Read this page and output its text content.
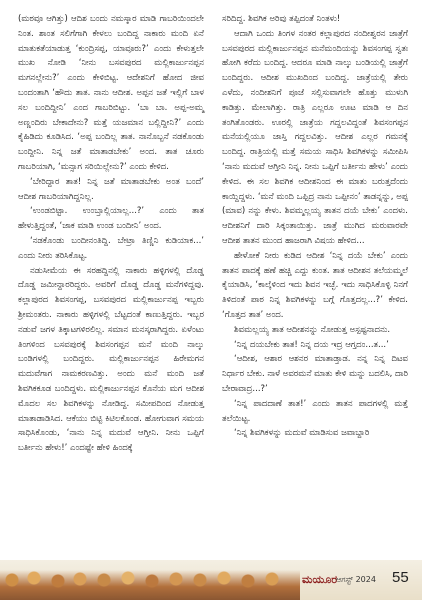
(ಮಠವೂ ಆಗಿತ್ತು) ಆದಿಶ ಬಂದು ನಮಸ್ಕಾರ ಮಾಡಿ ಗಾಬರಿಯಿಂದಲೇ ನಿಂತ. ಶಾಂತ ಸಲಿಗೆಗಾಗಿ ಕೇಳಲು ಬಂದಿದ್ದ ನಾಕಾರು ಮಂದಿ ಏನೆ ಮಾತುಕತೆಯಾಡುತ್ತ ‘ಕುಂದ್ರಿಸಪ್ಪ, ಯಾವೂರು?’ ಎಂದು ಕೇಳುತ್ತಲೇ ಮುಖ ನೋಡಿ ‘ನೀನು ಬಸವಪುರದ ಮಲ್ಲಿಕಾರ್ಜುನಪ್ಪನ ಮಗನಲ್ಲೇನು?’ ಎಂದು ಕೇಳಿಬಿಟ್ಟ. ಆದೇಶನಿಗೆ ಹೋದ ಜೀವ ಬಂದಂತಾಗಿ ‘ಹೌದು ತಾತ. ನಾನು ಆದೀಶ. ಅಪ್ಪನ ಜತೆ ಇಲ್ಲಿಗೆ ಬಾಳ ಸಲ ಬಂದಿದ್ದೀನಿ’ ಎಂದ ಗಾಬರಿಬಿಟ್ಟು. ‘ಬಾ ಬಾ. ಅಪ್ಪ-ಅಮ್ಮ ಅಣ್ಣಂದಿರು ಬೇಕಾದೇನು? ಮತ್ತೆ ಯಜಮಾನ ಬಲ್ಲಿದ್ದೀನಿ?’ ಎಂದು ಕೈಹಿಡಿದು ಕೂಡಿಸಿದ. ‘ಅಪ್ಪ ಬಂದಿಲ್ಲ ತಾತ. ನಾನೊಬ್ಬನೆ ನಡಕೊಂಡು ಬಂದ್ದೀನಿ. ನಿನ್ನ ಜತೆ ಮಾತಾಡಬೇಕು’ ಅಂದ. ತಾತ ಚೂರು ಗಾಬರಿಯಾಗಿ, ‘ಮನ್ಸಾಗ ಸರಿಯಿಲ್ಲೇನು?’ ಎಂದು ಕೇಳಿದ.

‘ಬೇರಿದ್ದಾರ ತಾತ! ನಿನ್ನ ಜತೆ ಮಾತಾಡಬೇಕು ಅಂತ ಬಂದೆ’ ಆದೀಶ ಗಾಬರಿಯಾಗಿದ್ದನಿಲ್ಲ.

‘ಉಂಡಬಿಟ್ಟಾ. ಉಂಬ್ತಾಲ್ಲಿಯಾಲ್ಲ...?’ ಎಂದು ತಾತ ಹೇಳುತ್ತಿದ್ದಂತೆ, ‘ಜಾಕ ಮಾಡಿ ಉಂಡ ಬಂದೀನಿ’ ಅಂದ.

‘ನಡಕೊಂಡು ಬಂದೀನಂತಿದ್ದಿ. ಬೇಟ್ರಾ ತಿಣ್ಣಿನಿ ಕುಡಿಯಾಕ...’ ಎಂದು ನೀರು ತರಿಸಿಕೊಟ್ಟ.

ನಡುಸೀಮೆಯ ಈ ಸರಹದ್ದಿನಲ್ಲಿ ನಾಕಾರು ಹಳ್ಳಿಗಳಲ್ಲಿ ದೊಡ್ಡ ದೊಡ್ಡ ಜಮೀನ್ದಾರರಿದ್ದರು. ಅವರಿಗೆ ದೊಡ್ಡ ದೊಡ್ಡ ಮನೆಗಳಿದ್ದವು. ಕಲ್ಲಾಪುರದ ಶಿವಸಂಗಪ್ಪ, ಬಸವಪುರದ ಮಲ್ಲಿಕಾರ್ಜುನಪ್ಪ ಇಬ್ಬರು ಶ್ರೀಮಂತರು. ನಾಕಾರು ಹಳ್ಳಿಗಳಲ್ಲಿ ಬೆಟ್ಟದಂತೆ ಕಾಣುತ್ತಿದ್ದರು. ಇಬ್ಬರ ನಡುವೆ ಜಗಳ ತಿಕ್ಕಾಟಗಳಿರಲಿಲ್ಲ. ಸಮಾನ ಮನಸ್ಕರಾಗಿದ್ದರು. ಏಳೆಂಟು ತಿಂಗಳಿಂದ ಬಸವಪುರಕ್ಕೆ ಶಿವಸಂಗಪ್ಪನ ಮನೆ ಮಂದಿ ನಾಲ್ಕು ಬಂಡಿಗಳಲ್ಲಿ ಬಂದಿದ್ದರು. ಮಲ್ಲಿಕಾರ್ಜುನಪ್ಪನ ಹಿರೇಮಗನ ಮದುವೆಗಾಗ ನಾಮಕರಣವಿತ್ತು. ಅಂದು ಮನೆ ಮಂದಿ ಜತೆ ಶಿವಗಿಕಕೂಡ ಬಂದಿದ್ದಳು. ಮಲ್ಲಿಕಾರ್ಜುನಪ್ಪನ ಕೊನೆಯ ಮಗ ಆದೀಶ ಮೊದಲ ಸಲ ಶಿವಗಿಕಳನ್ನು ನೋಡಿದ್ದ. ಸಮೀಪದಿಂದ ನೋಡುತ್ತ ಮಾತಾಡಾಡಿಸಿದ. ಆಕೆಯು ಬಿಟ್ಟಿ ಕಿಟಿಲಕೊಂಡ. ಹೋಗುವಾಗ ಸಮಯ ಸಾಧಿಸಿಕೊಂಡು, ‘ನಾನು ನಿನ್ನ ಮದುವೆ ಆಗ್ತೀನಿ. ನೀನು ಒಪ್ಪಿಗೆ ಬರ್ತೀನು ಹೇಳು!’ ಎಂದಷ್ಟೇ ಹೇಳಿ ಹಿಂದಕ್ಕೆ

ಸರಿದಿದ್ದ. ಶಿವಗಿಕ ಅರಿವು ತಪ್ಪಿದಂತೆ ನಿಂತಳು!

ಆದಾಗಿ ಒಂದು ತಿಂಗಳ ನಂತರ ಕಲ್ಲಾಪುರದ ನಂದೀಶ್ವರನ ಜಾತ್ರೆಗೆ ಬಸವಪುರದ ಮಲ್ಲಿಕಾರ್ಜುನಪ್ಪನ ಮನೆಮಂದಿಯನ್ನು ಶಿವಸಂಗಪ್ಪ ಸ್ವತಃ ಹೋಗಿ ಕರೆದು ಬಂದಿದ್ದ. ಆದರೂ ಮಾಡಿ ನಾಲ್ಕು ಬಂಡಿಯಲ್ಲಿ ಜಾತ್ರೆಗೆ ಬಂದಿದ್ದರು. ಆದೀಶ ಮುಖದಿಂದ ಬಂದಿದ್ದ. ಜಾತ್ರೆಯಲ್ಲಿ ತೇರು ಎಳೆದು, ನಂದೀಶನಿಗೆ ಪೂಜೆ ಸಲ್ಲಿಸುವಾಗಲೇ ಹೊತ್ತು ಮುಳುಗಿ ಕಾಡಿತ್ತು. ಮೇಲಾಗಿತ್ತು. ರಾತ್ರಿ ಎಲ್ಲರೂ ಊಟ ಮಾಡಿ ಆ ದಿನ ತಂಗಿತೊಂಡರು. ಊರಲ್ಲಿ ಜಾತ್ರೆಯ ಗದ್ದಲವಿದ್ದಂತೆ ಶಿವಸಂಗಪ್ಪನ ಮನೆಯಲ್ಲಿಯೂ ಜಾಸ್ತಿ ಗದ್ದಲವಿತ್ತು. ಆದೀಶ ಎಲ್ಲರ ಗಮನಕ್ಕೆ ಬಂದಿದ್ದ. ರಾತ್ರಿಯಲ್ಲಿ ಮತ್ತೆ ಸಮಯ ಸಾಧಿಸಿ ಶಿವಗಿಕಳನ್ನು ಸಮೀಪಿಸಿ ‘ನಾನು ಮದುವೆ ಆಗ್ತೀನಿ ನಿನ್ನ. ನೀನು ಒಪ್ಪಿಗೆ ಬರ್ತೀನು ಹೇಳು’ ಎಂದು ಕೇಳಿದ. ಈ ಸಲ ಶಿವಗಿಕ ಆದೀಶನಿಂದ ಈ ಮಾತು ಬರುತ್ತದೆಂದು ಕಾಯ್ದಿದ್ದಳು. ‘ಮನೆ ಮಂದಿ ಒಪ್ಪಿದ್ರ ನಾನು ಒಪ್ಪೀನಂ’ ತಾಡನ್ನನ್ನು, ಅಪ್ಪ (ಮಾವ) ನನ್ನು ಕೇಳು. ಶಿವಮ್ಮಲ್ಲಯ್ಯ ತಾತನ ದಯೆ ಬೇಕು’ ಎಂದಳು. ಆದೀಶನಿಗೆ ದಾರಿ ಸಿಕ್ಕಂತಾಯಿತ್ತು. ಜಾತ್ರೆ ಮುಗಿದ ಮರುವಾರವೇ ಆದೀಶ ತಾತನ ಮುಂದ ಹಾಜರಾಗಿ ವಿಷಯ ಹೇಳಿದ...

ಹೇಳೋಕೆ ನೀರು ಕುಡಿದ ಆದೀಶ ‘ನಿನ್ನ ದಯೆ ಬೇಕು’ ಎಂದು ತಾತನ ಪಾದಕ್ಕೆ ಹಣೆ ಹಚ್ಚಿ ಎದ್ದು ಕುಂತ. ತಾತ ಆದೀಶನ ತಲೆಯಮ್ಮಲೆ ಕೈಯಾಡಿಸಿ, ‘ಕಾಲ್ಕೆಳಿಂದ ಇದು ಶಿವನ ಇಚ್ಛೆ. ಇದು ಸಾಧಿಸಿಕೊಳ್ಳಿ ನಿನಗೆ ತಿಳಿದಂತೆ ಪಾಠ ನಿನ್ನ ಶಿವಗಿಕಳನ್ನು ಬಗ್ಗೆ ಗೊತ್ತದಲ್ಲ...?’ ಕೇಳಿದ. ‘ಗೊತ್ತದ ತಾತ’ ಅಂದ.

ಶಿವಮಲ್ಲಯ್ಯ ತಾತ ಆದೀಶನನ್ನು ನೋಡುತ್ತ ಅಸ್ಪಷ್ಟನಾದನು.

‘ನಿನ್ನ ದಯಬೇಕು ತಾತ! ನಿನ್ನ ದಯ ಇದ್ರ ಆಗ್ತದಂ...ತ...’

‘ಆದೀಶ, ಆಶಾರ ಆಶನರ ಮಾತಾಡ್ತಾಡ. ನನ್ನ ನಿನ್ನ ದಿಟವ ನಿರ್ಧಾರ ಬೇಕು. ನಾಳೆ ಅವರಮನೆ ಮಾತು ಕೇಳಿ ಮನ್ನು ಬದಲಿಸಿ, ದಾರಿ ಬೇರಾವಾದ್ರ...?’

‘ನಿನ್ನ ಪಾದದಾಣೆ ತಾತ!’ ಎಂದು ತಾತನ ಪಾದಗಳಲ್ಲಿ ಮತ್ತೆ ತಲೆಯಿಟ್ಟ.

‘ನಿನ್ನ ಶಿವಗಿಕಳನ್ನು ಮದುವೆ ಮಾಡಿಸುವ ಜವಾಬ್ದಾರಿ

ಮಯೂರ
ಆಗಸ್ಟ್ 2024 55
